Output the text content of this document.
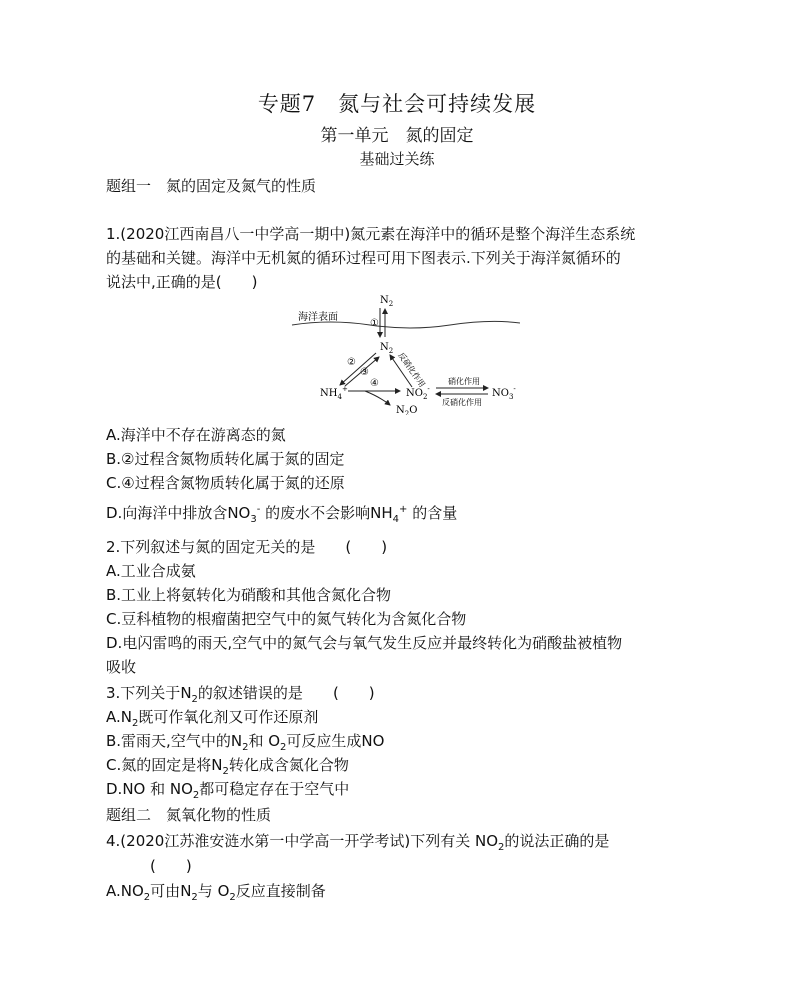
专题7　氮与社会可持续发展
第一单元　氮的固定
基础过关练
题组一　氮的固定及氮气的性质
1.(2020江西南昌八一中学高一期中)氮元素在海洋中的循环是整个海洋生态系统
的基础和关键。海洋中无机氮的循环过程可用下图表示.下列关于海洋氮循环的
说法中,正确的是(　　)
海洋表面
$N_2$
①
$N_2$
②
③	反硝化作用
$NH_4^+$ ④
$N_2O$
$NO_2^-$
硝化作用
反硝化作用
$NO_3^-$
A.海洋中不存在游离态的氮
B.②过程含氮物质转化属于氮的固定
C.④过程含氮物质转化属于氮的还原
D.向海洋中排放含$NO_3^-$ 的废水不会影响$NH_4^+$ 的含量
2.下列叙述与氮的固定无关的是　　 (　　)
A.工业合成氨
B.工业上将氨转化为硝酸和其他含氮化合物
C.豆科植物的根瘤菌把空气中的氮气转化为含氮化合物
D.电闪雷鸣的雨天,空气中的氮气会与氧气发生反应并最终转化为硝酸盐被植物
吸收
3.下列关于$N_2$的叙述错误的是　　 (　　)
$A.N_2$既可作氧化剂又可作还原剂
B.雷雨天,空气中的$N_2$和 $O_2$可反应生成NO
C.氮的固定是将$N_2$转化成含氮化合物
D.NO 和 $NO_2$都可稳定存在于空气中
题组二　氮氧化物的性质
4.(2020江苏淮安涟水第一中学高一开学考试)下列有关 $NO_2$的说法正确的是
(　　)
$A.NO_2$可由$N_2$与 $O_2$反应直接制备
